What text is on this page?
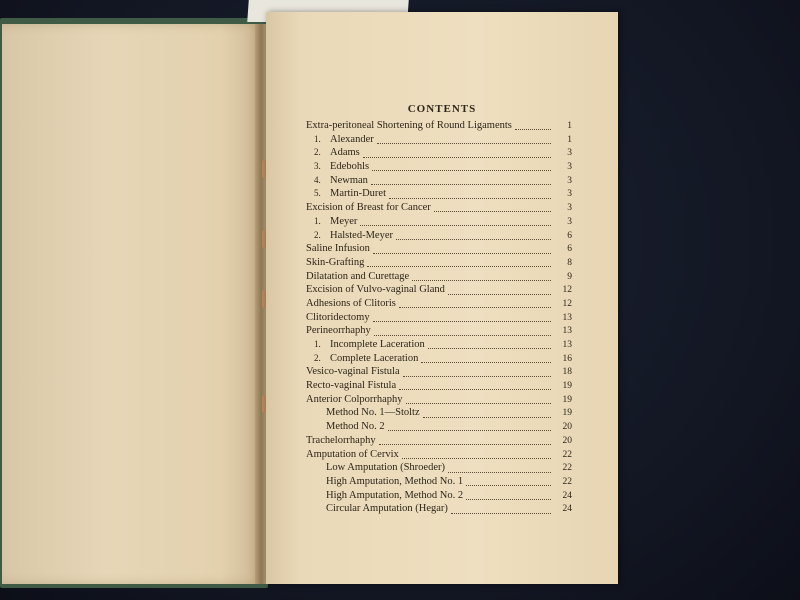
CONTENTS
Extra-peritoneal Shortening of Round Ligaments	1
1. Alexander	1
2. Adams	3
3. Edebohls	3
4. Newman	3
5. Martin-Duret	3
Excision of Breast for Cancer	3
1. Meyer	3
2. Halsted-Meyer	6
Saline Infusion	6
Skin-Grafting	8
Dilatation and Curettage	9
Excision of Vulvo-vaginal Gland	12
Adhesions of Clitoris	12
Clitoridectomy	13
Perineorrhaphy	13
1. Incomplete Laceration	13
2. Complete Laceration	16
Vesico-vaginal Fistula	18
Recto-vaginal Fistula	19
Anterior Colporrhaphy	19
Method No. 1—Stoltz	19
Method No. 2	20
Trachelorrhaphy	20
Amputation of Cervix	22
Low Amputation (Shroeder)	22
High Amputation, Method No. 1	22
High Amputation, Method No. 2	24
Circular Amputation (Hegar)	24
